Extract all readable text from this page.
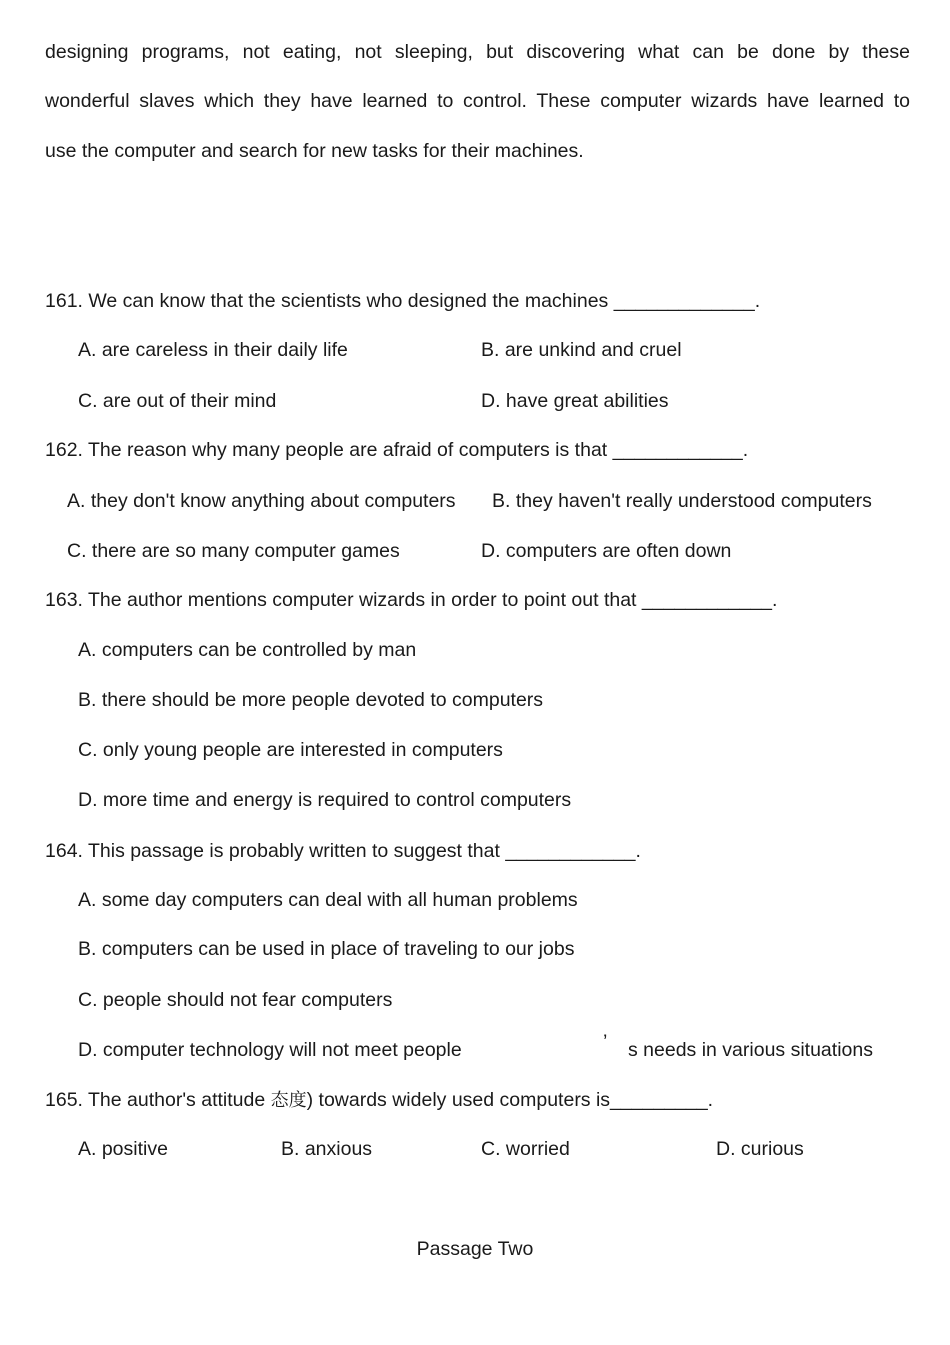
designing programs, not eating, not sleeping, but discovering what can be done by these
wonderful slaves which they have learned to control. These computer wizards have learned to
use the computer and search for new tasks for their machines.
161. We can know that the scientists who designed the machines _____________.
A. are careless in their daily life	B. are unkind and cruel
C. are out of their mind	D. have great abilities
162. The reason why many people are afraid of computers is that ____________.
A. they don't know anything about computers B. they haven't really understood computers
C. there are so many computer games	D. computers are often down
163. The author mentions computer wizards in order to point out that ____________.
A. computers can be controlled by man
B. there should be more people devoted to computers
C. only young people are interested in computers
D. more time and energy is required to control computers
164. This passage is probably written to suggest that ____________.
A. some day computers can deal with all human problems
B. computers can be used in place of traveling to our jobs
C. people should not fear computers
D. computer technology will not meet people	’ s needs in various situations
165. The author's attitude 态度) towards widely used computers is_________.
A. positive	B. anxious	C. worried	D. curious
Passage Two
